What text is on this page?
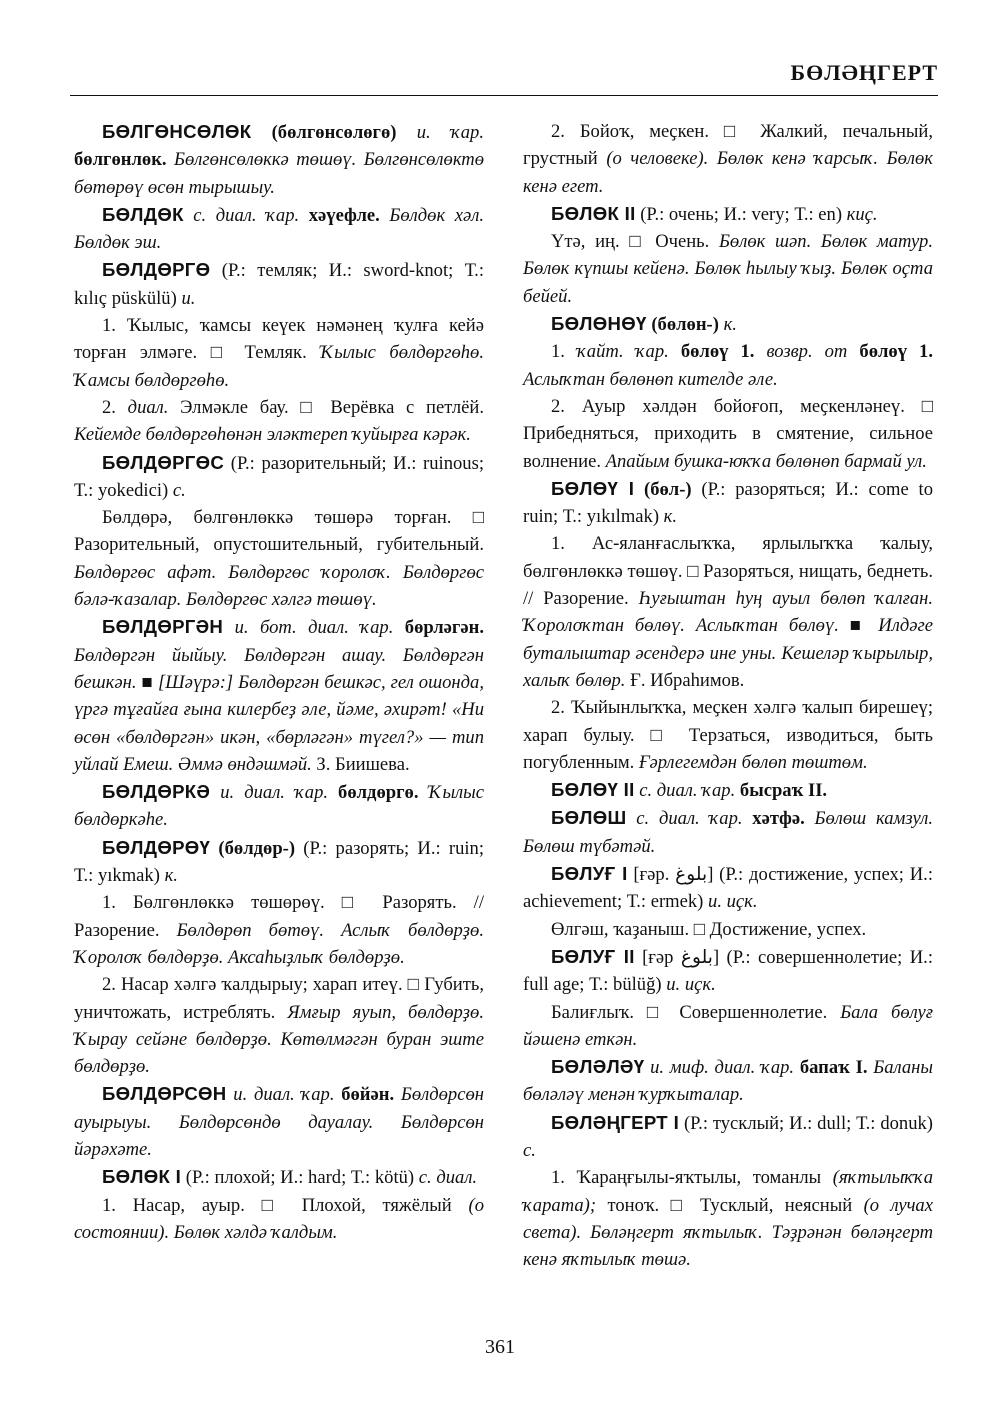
БӨЛӘҢГЕРТ

БӨЛГӨНСӨЛӨК (бөлгөнсөлөгө) и. ҡар. бөлгөнлөк. Бөлгөнсөлөккә төшөү. Бөлгөнсөлөктө бөтөрөү өсөн тырышыу.

БӨЛДӨК с. диал. ҡар. хәүефле. Бөлдөк хәл. Бөлдөк эш.

БӨЛДӨРГӨ (Р.: темляк; И.: sword-knot; Т.: kılıç püskülü) и.

1. Ҡылыс, ҡамсы кеүек нәмәнең ҡулға кейә торған элмәге. □ Темляк. Ҡылыс бөлдөргөһө. Ҡамсы бөлдөргөһө.

2. диал. Элмәкле бау. □ Верёвка с петлёй. Кейемде бөлдөргөһөнән эләктереп ҡуйырға кәрәк.

БӨЛДӨРГӨС (Р.: разорительный; И.: ruinous; Т.: yokedici) с.

Бөлдөрә, бөлгөнлөккә төшөрә торған. □ Разорительный, опустошительный, губительный. Бөлдөргөс афәт. Бөлдөргөс ҡоролоҡ. Бөлдөргөс бәлә-ҡазалар. Бөлдөргөс хәлгә төшөү.

БӨЛДӨРГӘН и. бот. диал. ҡар. бөрләгән. Бөлдөргән йыйыу. Бөлдөргән ашау. Бөлдөргән бешкән. ■ [Шәүрә:] Бөлдөргән бешкәс, гел ошонда, үргә тұғайға ғына килербеҙ әле, йәме, әхирәт! «Ни өсөн «бөлдөргән» икән, «бөрләгән» түгел?» — тип уйлай Емеш. Әммә өндәшмәй. З. Биишева.

БӨЛДӨРКӘ и. диал. ҡар. бөлдөргө. Ҡылыс бөлдөркәһе.

БӨЛДӨРӨҮ (бөлдөр-) (Р.: разорять; И.: ruin; Т.: yıkmak) к.

1. Бөлгөнлөккә төшөрөү. □ Разорять. // Разорение. Бөлдөрөп бөтөү. Аслыҡ бөлдөрҙө. Ҡоролоҡ бөлдөрҙө. Аксаһыҙлыҡ бөлдөрҙө.

2. Насар хәлгә ҡалдырыу; харап итеү. □ Губить, уничтожать, истреблять. Ямғыр яуып, бөлдөрҙө. Ҡырау сейәне бөлдөрҙө. Көтөлмәгән буран эште бөлдөрҙө.

БӨЛДӨРСӨН и. диал. ҡар. бөйән. Бөлдөрсөн ауырыуы. Бөлдөрсөндө дауалау. Бөлдөрсөн йәрәхәте.

БӨЛӨК I (Р.: плохой; И.: hard; Т.: kötü) с. диал.

1. Насар, ауыр. □ Плохой, тяжёлый (о состоянии). Бөлөк хәлдә ҡалдым.

2. Бойоҡ, меҫкен. □ Жалкий, печальный, грустный (о человеке). Бөлөк кенә ҡарсыҡ. Бөлөк кенә егет.

БӨЛӨК II (Р.: очень; И.: very; Т.: en) киҫ.

Үтә, иң. □ Очень. Бөлөк шәп. Бөлөк матур. Бөлөк күпшы кейенә. Бөлөк һылыу ҡыҙ. Бөлөк оҫта бейей.

БӨЛӨНӨҮ (бөлөн-) к.

1. ҡайт. ҡар. бөлөү 1. возвр. от бөлөү 1. Аслыҡтан бөлөнөп кителде әле.

2. Ауыр хәлдән бойоғоп, меҫкенләнеү. □ Прибедняться, приходить в смятение, сильное волнение. Апайым бушка-юҡҡа бөлөнөп бармай ул.

БӨЛӨҮ I (бөл-) (Р.: разоряться; И.: come to ruin; Т.: yıkılmak) к.

1. Ас-яланғаслыҡҡа, ярлылыҡҡа ҡалыу, бөлгөнлөккә төшөү. □ Разоряться, нищать, беднеть. // Разорение. Һуғыштан һуң ауыл бөлөп ҡалған. Ҡоролоҡтан бөлөү. Аслыҡтан бөлөү. ■ Илдәге буталыштар әсендерә ине уны. Кешеләр ҡырылыр, халыҡ бөлөр. Ғ. Ибраһимов.

2. Ҡыйынлыҡҡа, меҫкен хәлгә ҡалып бирешеү; харап булыу. □ Терзаться, изводиться, быть погубленным. Ғәрлегемдән бөлөп төштөм.

БӨЛӨҮ II с. диал. ҡар. бысраҡ II.

БӨЛӨШ с. диал. ҡар. хәтфә. Бөлөш камзул. Бөлөш түбәтәй.

БӨЛУҒ I [ғәр. بلوغ] (Р.: достижение, успех; И.: achievement; Т.: ermek) и. иҫк.

Өлгәш, ҡаҙаныш. □ Достижение, успех.

БӨЛУҒ II [ғәр بلوغ] (Р.: совершеннолетие; И.: full age; Т.: bülüğ) и. иҫк.

Балиғлыҡ. □ Совершеннолетие. Бала бөлуғ йәшенә еткән.

БӨЛӘЛӘҮ и. миф. диал. ҡар. бапаҡ I. Баланы бөләләү менән ҡурҡыталар.

БӨЛӘҢГЕРТ I (Р.: тусклый; И.: dull; Т.: donuk) с.

1. Ҡараңғылы-яҡтылы, томанлы (яҡтылыҡҡа ҡарата); тоноҡ. □ Тусклый, неясный (о лучах света). Бөләңгерт яҡтылыҡ. Тәҙрәнән бөләңгерт кенә яҡтылыҡ төшә.

361
